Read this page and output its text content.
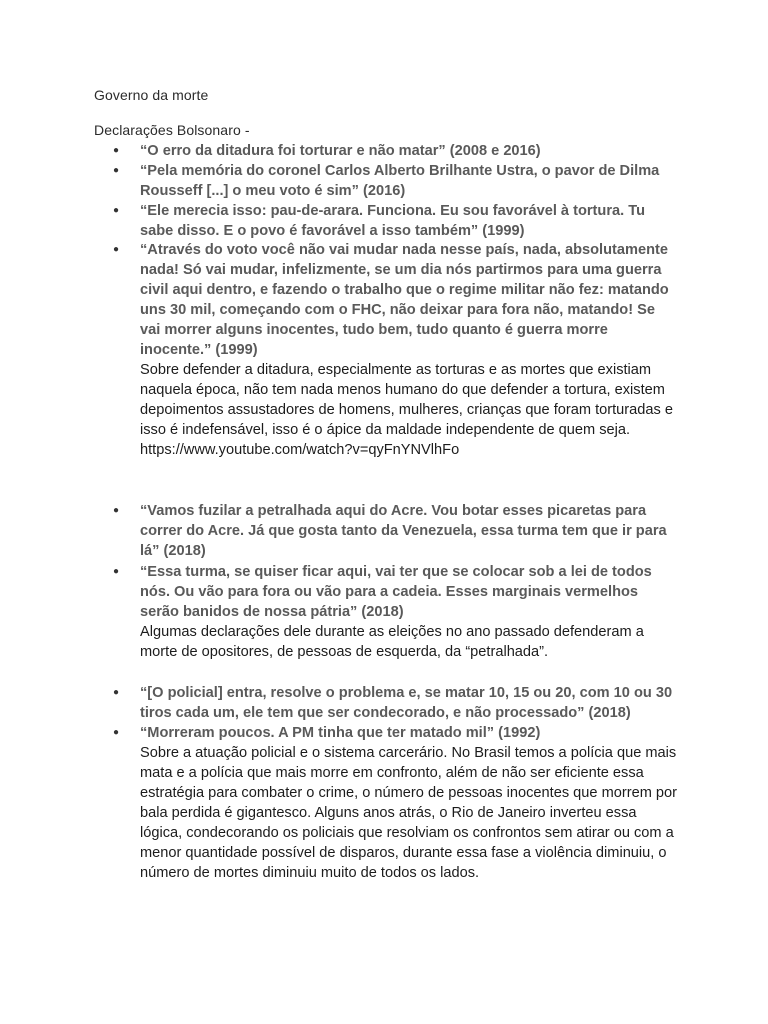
Governo da morte
Declarações Bolsonaro -
●	“O erro da ditadura foi torturar e não matar” (2008 e 2016)
●	“Pela memória do coronel Carlos Alberto Brilhante Ustra, o pavor de Dilma Rousseff [...] o meu voto é sim” (2016)
●	“Ele merecia isso: pau-de-arara. Funciona. Eu sou favorável à tortura. Tu sabe disso. E o povo é favorável a isso também” (1999)
●	“Através do voto você não vai mudar nada nesse país, nada, absolutamente nada! Só vai mudar, infelizmente, se um dia nós partirmos para uma guerra civil aqui dentro, e fazendo o trabalho que o regime militar não fez: matando uns 30 mil, começando com o FHC, não deixar para fora não, matando! Se vai morrer alguns inocentes, tudo bem, tudo quanto é guerra morre inocente.” (1999)
Sobre defender a ditadura, especialmente as torturas e as mortes que existiam naquela época, não tem nada menos humano do que defender a tortura, existem depoimentos assustadores de homens, mulheres, crianças que foram torturadas e isso é indefensável, isso é o ápice da maldade independente de quem seja.
https://www.youtube.com/watch?v=qyFnYNVlhFo
●	“Vamos fuzilar a petralhada aqui do Acre. Vou botar esses picaretas para correr do Acre. Já que gosta tanto da Venezuela, essa turma tem que ir para lá” (2018)
●	“Essa turma, se quiser ficar aqui, vai ter que se colocar sob a lei de todos nós. Ou vão para fora ou vão para a cadeia. Esses marginais vermelhos serão banidos de nossa pátria” (2018)
Algumas declarações dele durante as eleições no ano passado defenderam a morte de opositores, de pessoas de esquerda, da “petralhada”.
●	“[O policial] entra, resolve o problema e, se matar 10, 15 ou 20, com 10 ou 30 tiros cada um, ele tem que ser condecorado, e não processado” (2018)
●	“Morreram poucos. A PM tinha que ter matado mil” (1992)
Sobre a atuação policial e o sistema carcerário. No Brasil temos a polícia que mais mata e a polícia que mais morre em confronto, além de não ser eficiente essa estratégia para combater o crime, o número de pessoas inocentes que morrem por bala perdida é gigantesco. Alguns anos atrás, o Rio de Janeiro inverteu essa lógica, condecorando os policiais que resolviam os confrontos sem atirar ou com a menor quantidade possível de disparos, durante essa fase a violência diminuiu, o número de mortes diminuiu muito de todos os lados.
